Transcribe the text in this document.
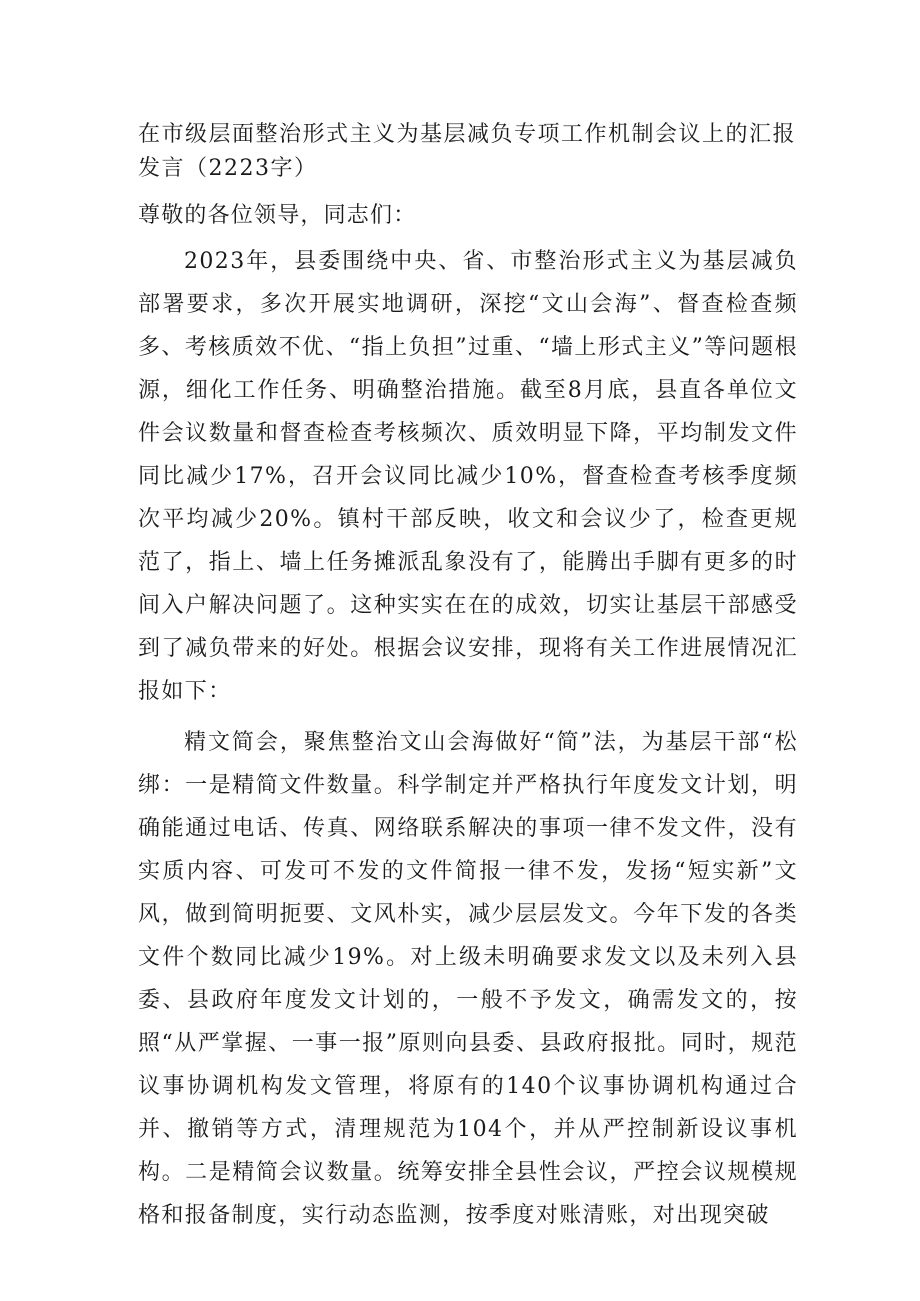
在市级层面整治形式主义为基层减负专项工作机制会议上的汇报发言（2223字）

尊敬的各位领导，同志们：

2023年，县委围绕中央、省、市整治形式主义为基层减负部署要求，多次开展实地调研，深挖“文山会海”、督查检查频多、考核质效不优、“指上负担”过重、“墙上形式主义”等问题根源，细化工作任务、明确整治措施。截至8月底，县直各单位文件会议数量和督查检查考核频次、质效明显下降，平均制发文件同比减少17%，召开会议同比减少10%，督查检查考核季度频次平均减少20%。镇村干部反映，收文和会议少了，检查更规范了，指上、墙上任务摊派乱象没有了，能腾出手脚有更多的时间入户解决问题了。这种实实在在的成效，切实让基层干部感受到了减负带来的好处。根据会议安排，现将有关工作进展情况汇报如下：

精文简会，聚焦整治文山会海做好“简”法，为基层干部“松绑：一是精简文件数量。科学制定并严格执行年度发文计划，明确能通过电话、传真、网络联系解决的事项一律不发文件，没有实质内容、可发可不发的文件简报一律不发，发扬“短实新”文风，做到简明扼要、文风朴实，减少层层发文。今年下发的各类文件个数同比减少19%。对上级未明确要求发文以及未列入县委、县政府年度发文计划的，一般不予发文，确需发文的，按照“从严掌握、一事一报”原则向县委、县政府报批。同时，规范议事协调机构发文管理，将原有的140个议事协调机构通过合并、撤销等方式，清理规范为104个，并从严控制新设议事机构。二是精简会议数量。统筹安排全县性会议，严控会议规模规格和报备制度，实行动态监测，按季度对账清账，对出现突破
